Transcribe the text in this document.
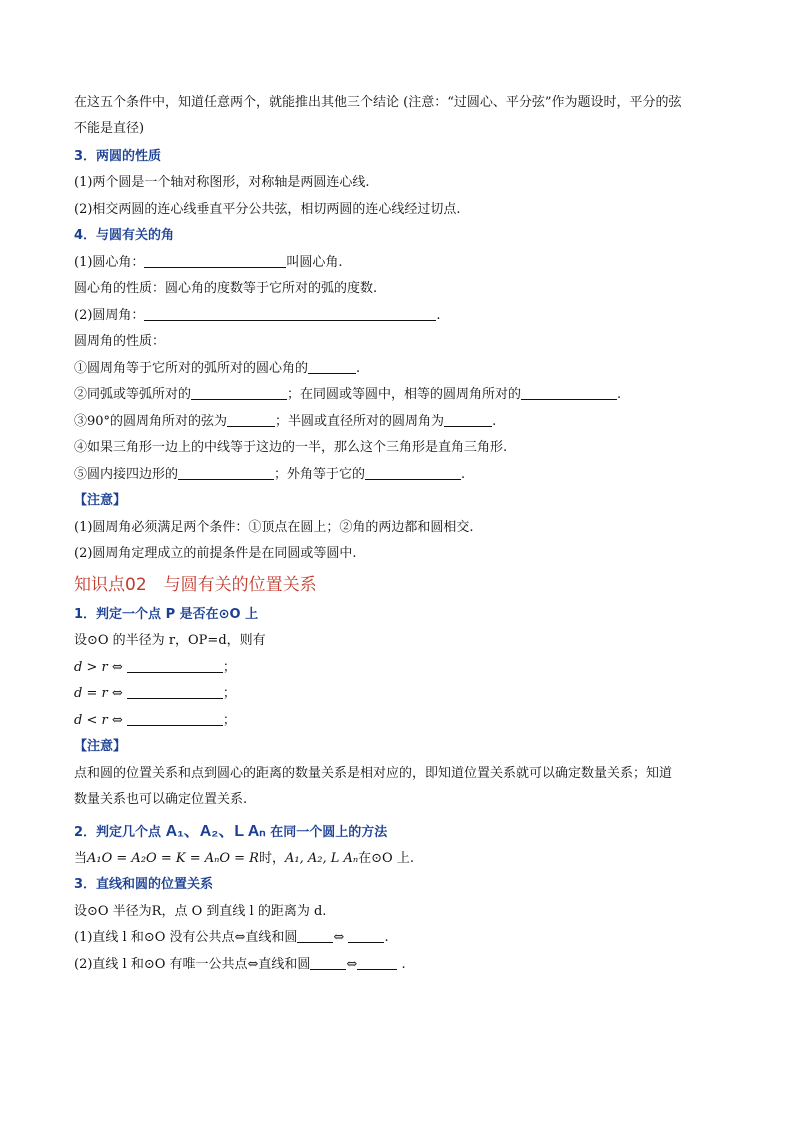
在这五个条件中，知道任意两个，就能推出其他三个结论 (注意：“过圆心、平分弦”作为题设时，平分的弦
不能是直径)
3．两圆的性质
(1)两个圆是一个轴对称图形，对称轴是两圆连心线.
(2)相交两圆的连心线垂直平分公共弦，相切两圆的连心线经过切点.
4．与圆有关的角
(1)圆心角：	叫圆心角.
圆心角的性质：圆心角的度数等于它所对的弧的度数.
(2)圆周角：	.
圆周角的性质：
①圆周角等于它所对的弧所对的圆心角的	.
②同弧或等弧所对的	；在同圆或等圆中，相等的圆周角所对的	.
③90°的圆周角所对的弦为	；半圆或直径所对的圆周角为	.
④如果三角形一边上的中线等于这边的一半，那么这个三角形是直角三角形.
⑤圆内接四边形的	；外角等于它的	.
【注意】
(1)圆周角必须满足两个条件：①顶点在圆上；②角的两边都和圆相交.
(2)圆周角定理成立的前提条件是在同圆或等圆中.
知识点02　与圆有关的位置关系
1．判定一个点 P 是否在⊙O 上
设⊙O 的半径为 r，OP=d，则有
d > r ⇔	；
d = r ⇔	；
d < r ⇔	；
【注意】
点和圆的位置关系和点到圆心的距离的数量关系是相对应的，即知道位置关系就可以确定数量关系；知道
数量关系也可以确定位置关系.
2．判定几个点 A₁、A₂、L Aₙ 在同一个圆上的方法
当A₁O = A₂O = K = AₙO = R时，A₁, A₂, L Aₙ在⊙O 上.
3．直线和圆的位置关系
设⊙O 半径为R，点 O 到直线 l 的距离为 d.
(1)直线 l 和⊙O 没有公共点⇔直线和圆	⇔	.
(2)直线 l 和⊙O 有唯一公共点⇔直线和圆	⇔	.
